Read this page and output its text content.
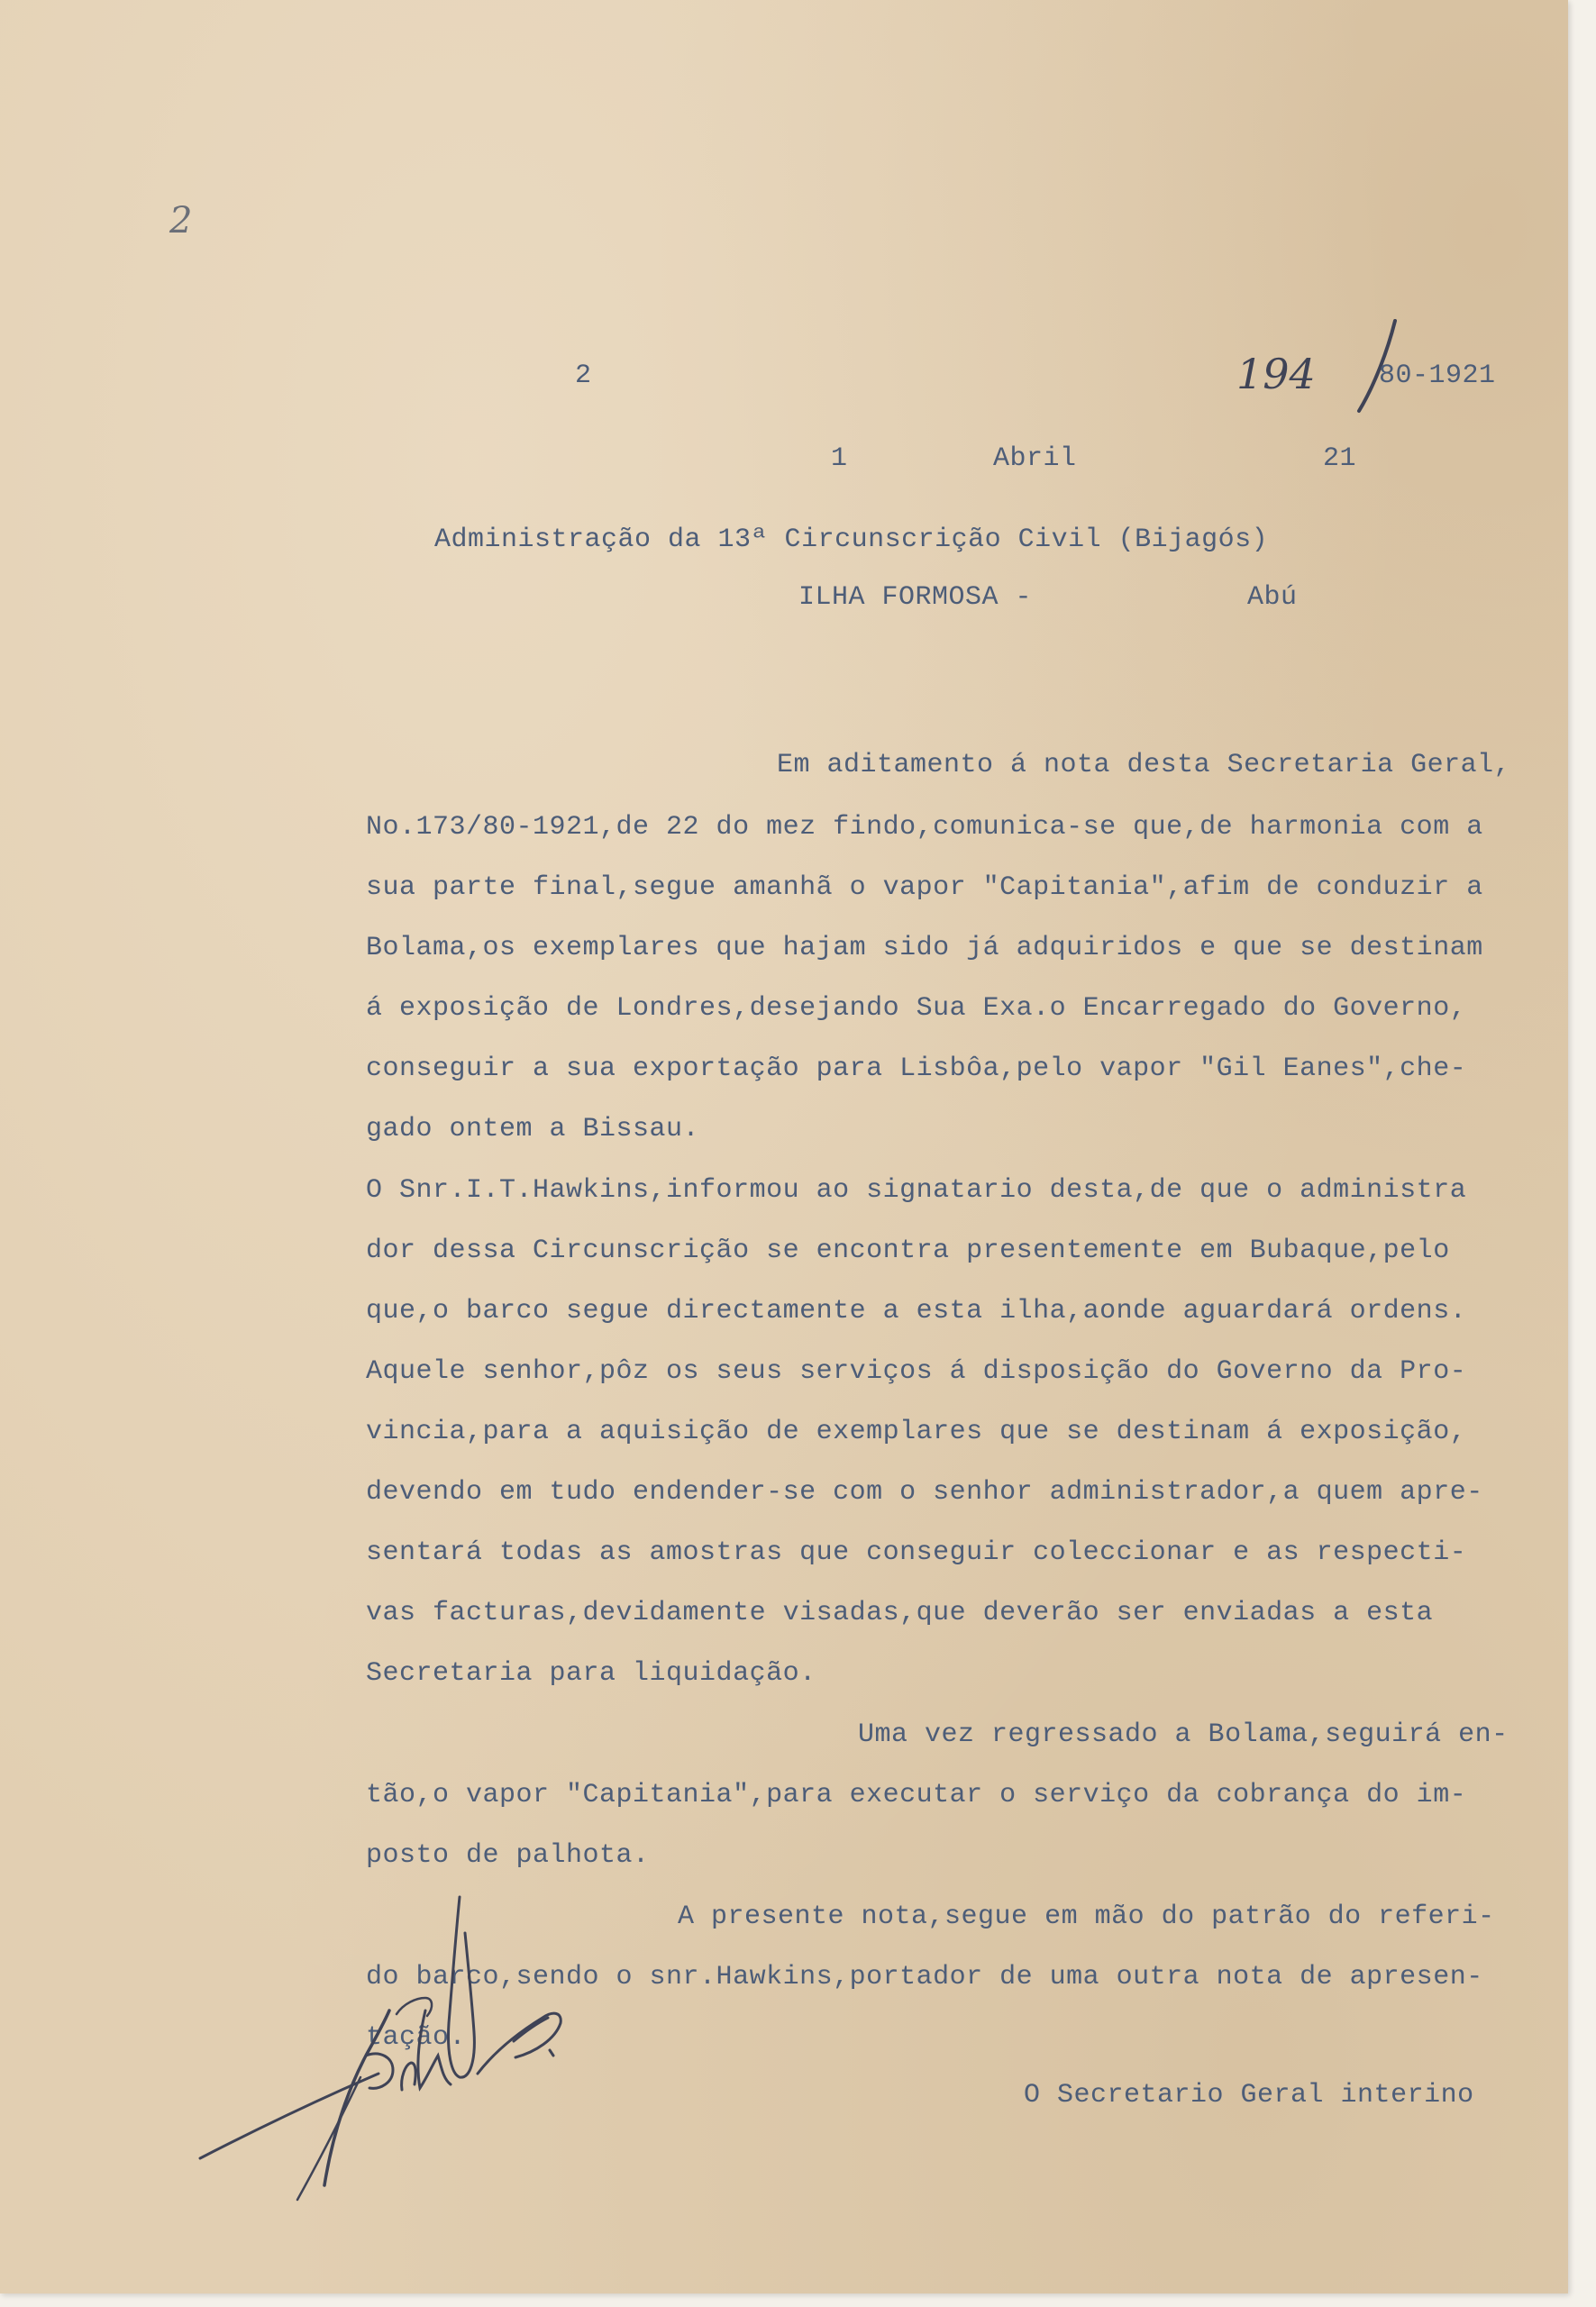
2
2	194 80-1921
1	Abril	21
Administração da 13ª Circunscrição Civil (Bijagós)
ILHA FORMOSA -	Abú
Em aditamento á nota desta Secretaria Geral,
No.173/80-1921,de 22 do mez findo,comunica-se que,de harmonia com a
sua parte final,segue amanhã o vapor "Capitania",afim de conduzir a
Bolama,os exemplares que hajam sido já adquiridos e que se destinam
á exposição de Londres,desejando Sua Exa.o Encarregado do Governo,
conseguir a sua exportação para Lisbôa,pelo vapor "Gil Eanes",che-
gado ontem a Bissau.
O Snr.I.T.Hawkins,informou ao signatario desta,de que o administra
dor dessa Circunscrição se encontra presentemente em Bubaque,pelo
que,o barco segue directamente a esta ilha,aonde aguardará ordens.
Aquele senhor,pôz os seus serviços á disposição do Governo da Pro-
vincia,para a aquisição de exemplares que se destinam á exposição,
devendo em tudo endender-se com o senhor administrador,a quem apre-
sentará todas as amostras que conseguir coleccionar e as respecti-
vas facturas,devidamente visadas,que deverão ser enviadas a esta
Secretaria para liquidação.
Uma vez regressado a Bolama,seguirá en-
tão,o vapor "Capitania",para executar o serviço da cobrança do im-
posto de palhota.
A presente nota,segue em mão do patrão do referi-
do barco,sendo o snr.Hawkins,portador de uma outra nota de apresen-
tação.
O Secretario Geral interino
